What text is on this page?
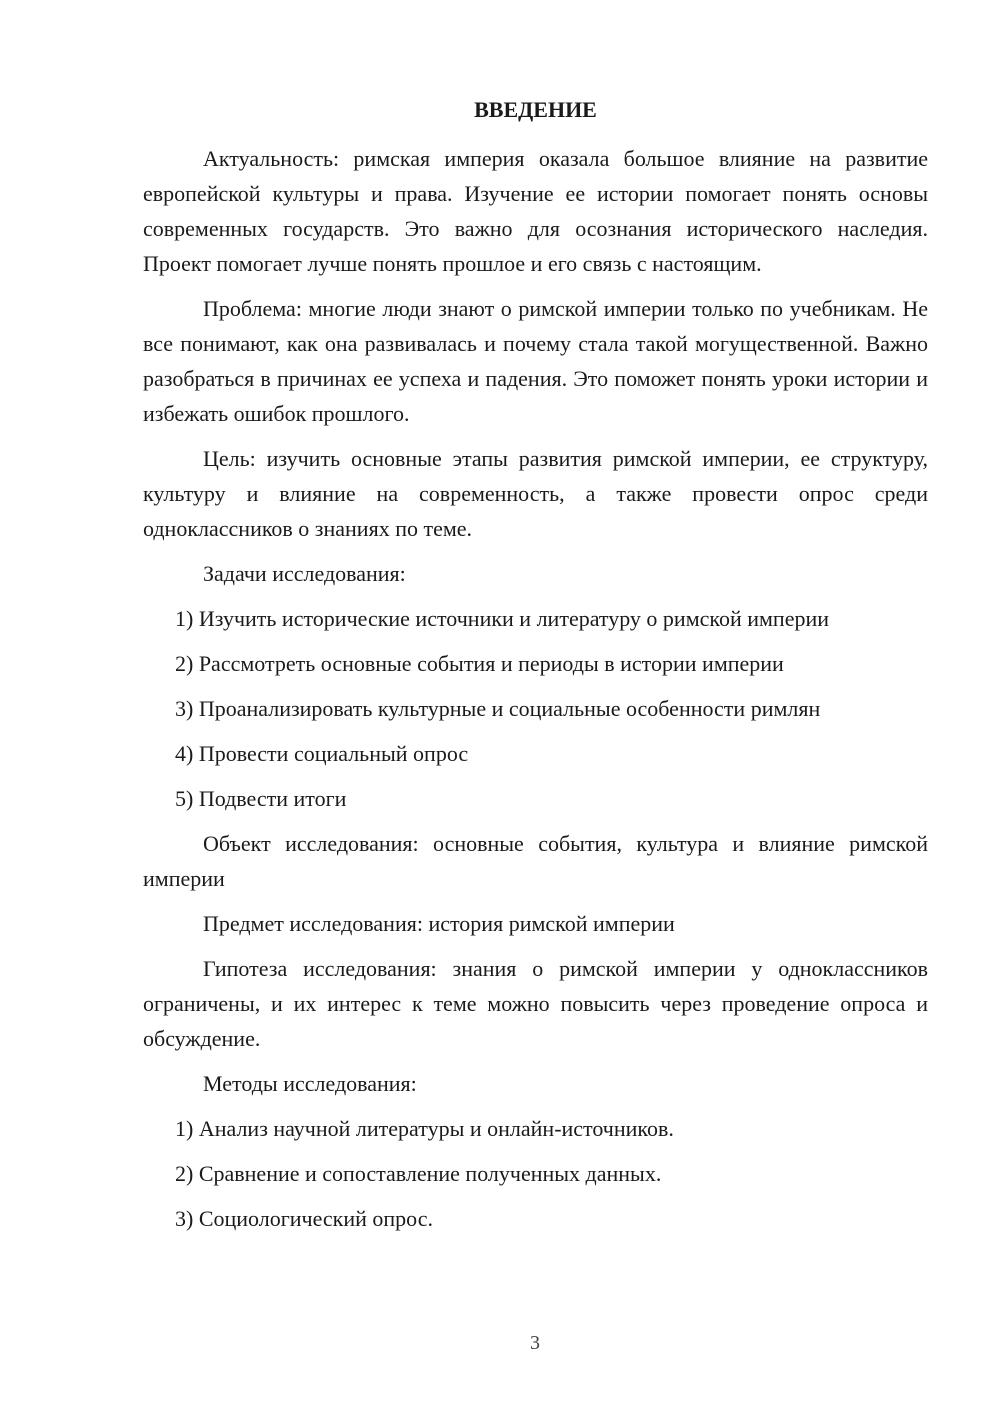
ВВЕДЕНИЕ

Актуальность: римская империя оказала большое влияние на развитие европейской культуры и права. Изучение ее истории помогает понять основы современных государств. Это важно для осознания исторического наследия. Проект помогает лучше понять прошлое и его связь с настоящим.

Проблема: многие люди знают о римской империи только по учебникам. Не все понимают, как она развивалась и почему стала такой могущественной. Важно разобраться в причинах ее успеха и падения. Это поможет понять уроки истории и избежать ошибок прошлого.

Цель: изучить основные этапы развития римской империи, ее структуру, культуру и влияние на современность, а также провести опрос среди одноклассников о знаниях по теме.

Задачи исследования:

1) Изучить исторические источники и литературу о римской империи

2) Рассмотреть основные события и периоды в истории империи

3) Проанализировать культурные и социальные особенности римлян

4) Провести социальный опрос

5) Подвести итоги

Объект исследования: основные события, культура и влияние римской империи

Предмет исследования: история римской империи

Гипотеза исследования: знания о римской империи у одноклассников ограничены, и их интерес к теме можно повысить через проведение опроса и обсуждение.

Методы исследования:

1) Анализ научной литературы и онлайн-источников.

2) Сравнение и сопоставление полученных данных.

3) Социологический опрос.

3
